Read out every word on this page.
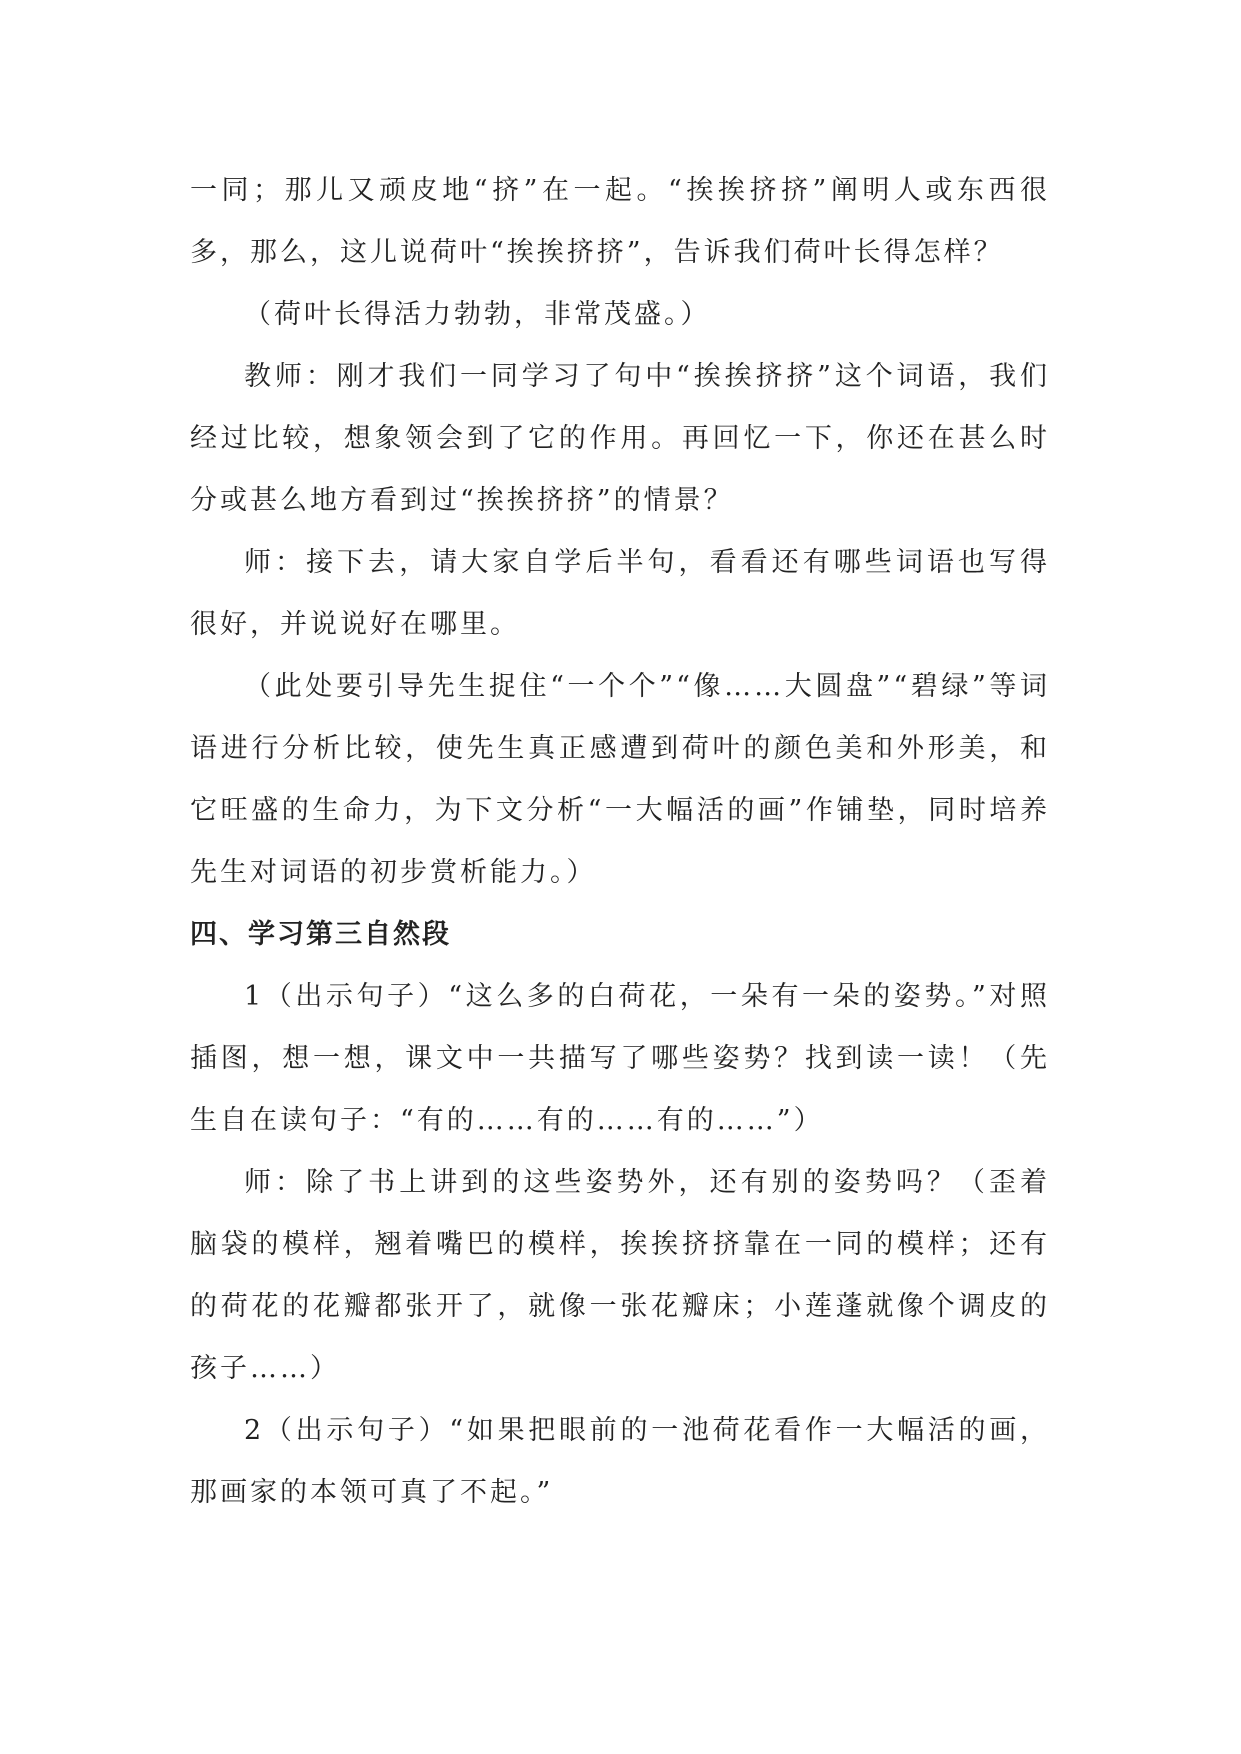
一同；那儿又顽皮地“挤”在一起。“挨挨挤挤”阐明人或东西很多，那么，这儿说荷叶“挨挨挤挤”，告诉我们荷叶长得怎样？

（荷叶长得活力勃勃，非常茂盛。）

教师：刚才我们一同学习了句中“挨挨挤挤”这个词语，我们经过比较，想象领会到了它的作用。再回忆一下，你还在甚么时分或甚么地方看到过“挨挨挤挤”的情景？

师：接下去，请大家自学后半句，看看还有哪些词语也写得很好，并说说好在哪里。

（此处要引导先生捉住“一个个”“像……大圆盘”“碧绿”等词语进行分析比较，使先生真正感遭到荷叶的颜色美和外形美，和它旺盛的生命力，为下文分析“一大幅活的画”作铺垫，同时培养先生对词语的初步赏析能力。）

四、学习第三自然段

1（出示句子）“这么多的白荷花，一朵有一朵的姿势。”对照插图，想一想，课文中一共描写了哪些姿势？找到读一读！（先生自在读句子：“有的……有的……有的……”）

师：除了书上讲到的这些姿势外，还有别的姿势吗？（歪着脑袋的模样，翘着嘴巴的模样，挨挨挤挤靠在一同的模样；还有的荷花的花瓣都张开了，就像一张花瓣床；小莲蓬就像个调皮的孩子……）

2（出示句子）“如果把眼前的一池荷花看作一大幅活的画，那画家的本领可真了不起。”
